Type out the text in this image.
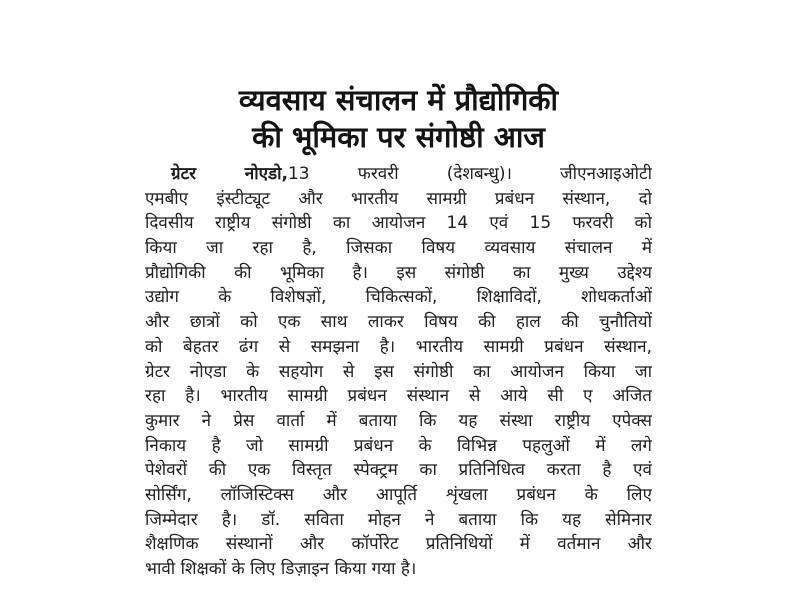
व्यवसाय संचालन में प्रौद्योगिकी
की भूमिका पर संगोष्ठी आज
ग्रेटर नोएडो,13 फरवरी (देशबन्धु)। जीएनआइओटी
एमबीए इंस्टीट्यूट और भारतीय सामग्री प्रबंधन संस्थान, दो
दिवसीय राष्ट्रीय संगोष्ठी का आयोजन 14 एवं 15 फरवरी को
किया जा रहा है, जिसका विषय व्यवसाय संचालन में
प्रौद्योगिकी की भूमिका है। इस संगोष्ठी का मुख्य उद्देश्य
उद्योग के विशेषज्ञों, चिकित्सकों, शिक्षाविदों, शोधकर्ताओं
और छात्रों को एक साथ लाकर विषय की हाल की चुनौतियों
को बेहतर ढंग से समझना है। भारतीय सामग्री प्रबंधन संस्थान,
ग्रेटर नोएडा के सहयोग से इस संगोष्ठी का आयोजन किया जा
रहा है। भारतीय सामग्री प्रबंधन संस्थान से आये सी ए अजित
कुमार ने प्रेस वार्ता में बताया कि यह संस्था राष्ट्रीय एपेक्स
निकाय है जो सामग्री प्रबंधन के विभिन्न पहलुओं में लगे
पेशेवरों की एक विस्तृत स्पेक्ट्रम का प्रतिनिधित्व करता है एवं
सोर्सिंग, लॉजिस्टिक्स और आपूर्ति शृंखला प्रबंधन के लिए
जिम्मेदार है। डॉ. सविता मोहन ने बताया कि यह सेमिनार
शैक्षणिक संस्थानों और कॉर्पोरेट प्रतिनिधियों में वर्तमान और
भावी शिक्षकों के लिए डिज़ाइन किया गया है।
